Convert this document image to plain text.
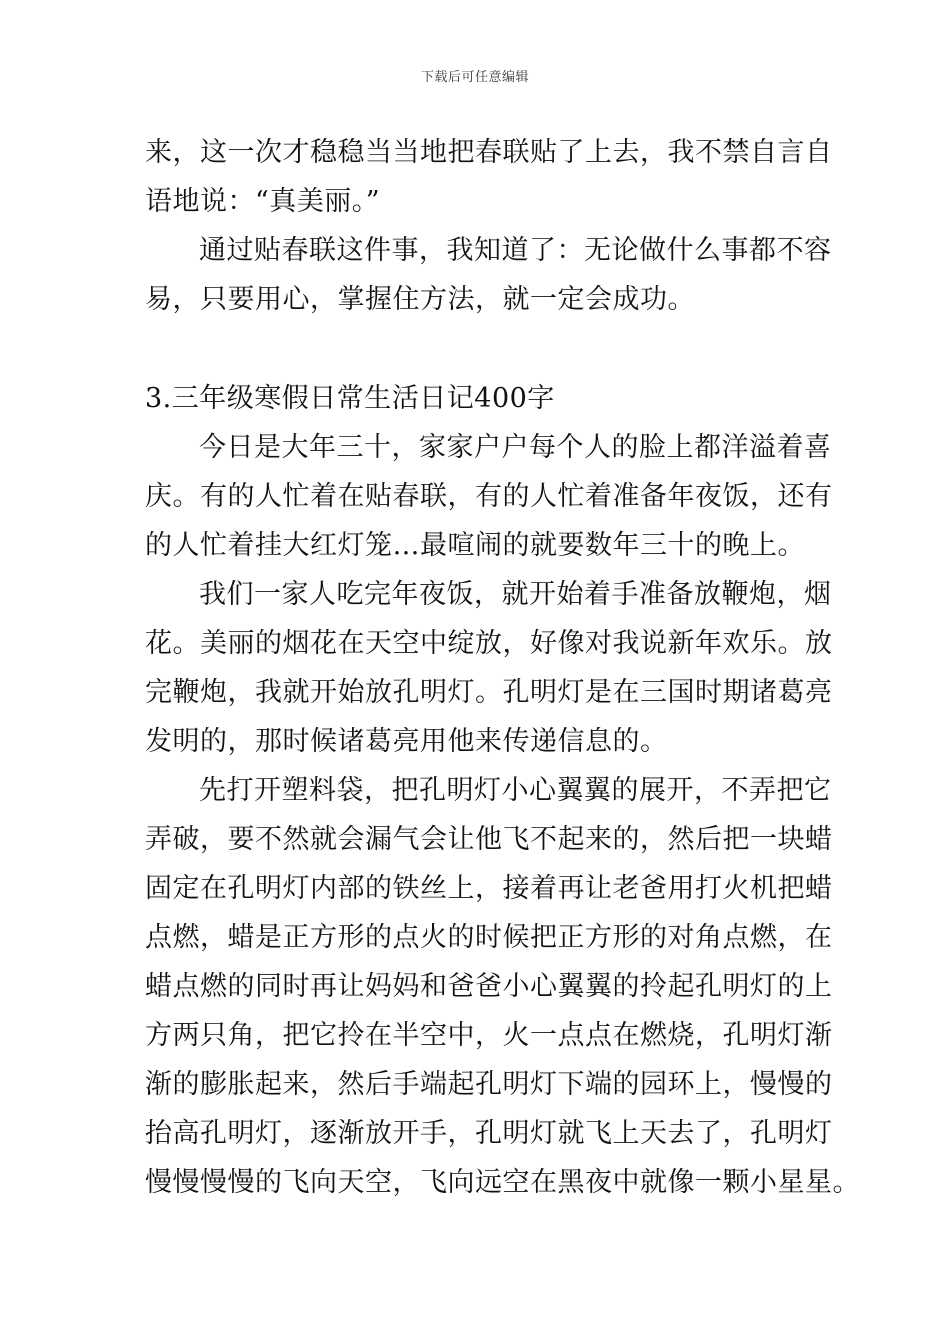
下载后可任意编辑
来，这一次才稳稳当当地把春联贴了上去，我不禁自言自
语地说：“真美丽。”
通过贴春联这件事，我知道了：无论做什么事都不容
易，只要用心，掌握住方法，就一定会成功。
3.三年级寒假日常生活日记400字
今日是大年三十，家家户户每个人的脸上都洋溢着喜
庆。有的人忙着在贴春联，有的人忙着准备年夜饭，还有
的人忙着挂大红灯笼…最喧闹的就要数年三十的晚上。
我们一家人吃完年夜饭，就开始着手准备放鞭炮，烟
花。美丽的烟花在天空中绽放，好像对我说新年欢乐。放
完鞭炮，我就开始放孔明灯。孔明灯是在三国时期诸葛亮
发明的，那时候诸葛亮用他来传递信息的。
先打开塑料袋，把孔明灯小心翼翼的展开，不弄把它
弄破，要不然就会漏气会让他飞不起来的，然后把一块蜡
固定在孔明灯内部的铁丝上，接着再让老爸用打火机把蜡
点燃，蜡是正方形的点火的时候把正方形的对角点燃，在
蜡点燃的同时再让妈妈和爸爸小心翼翼的拎起孔明灯的上
方两只角，把它拎在半空中，火一点点在燃烧，孔明灯渐
渐的膨胀起来，然后手端起孔明灯下端的园环上，慢慢的
抬高孔明灯，逐渐放开手，孔明灯就飞上天去了，孔明灯
慢慢慢慢的飞向天空，飞向远空在黑夜中就像一颗小星星。
